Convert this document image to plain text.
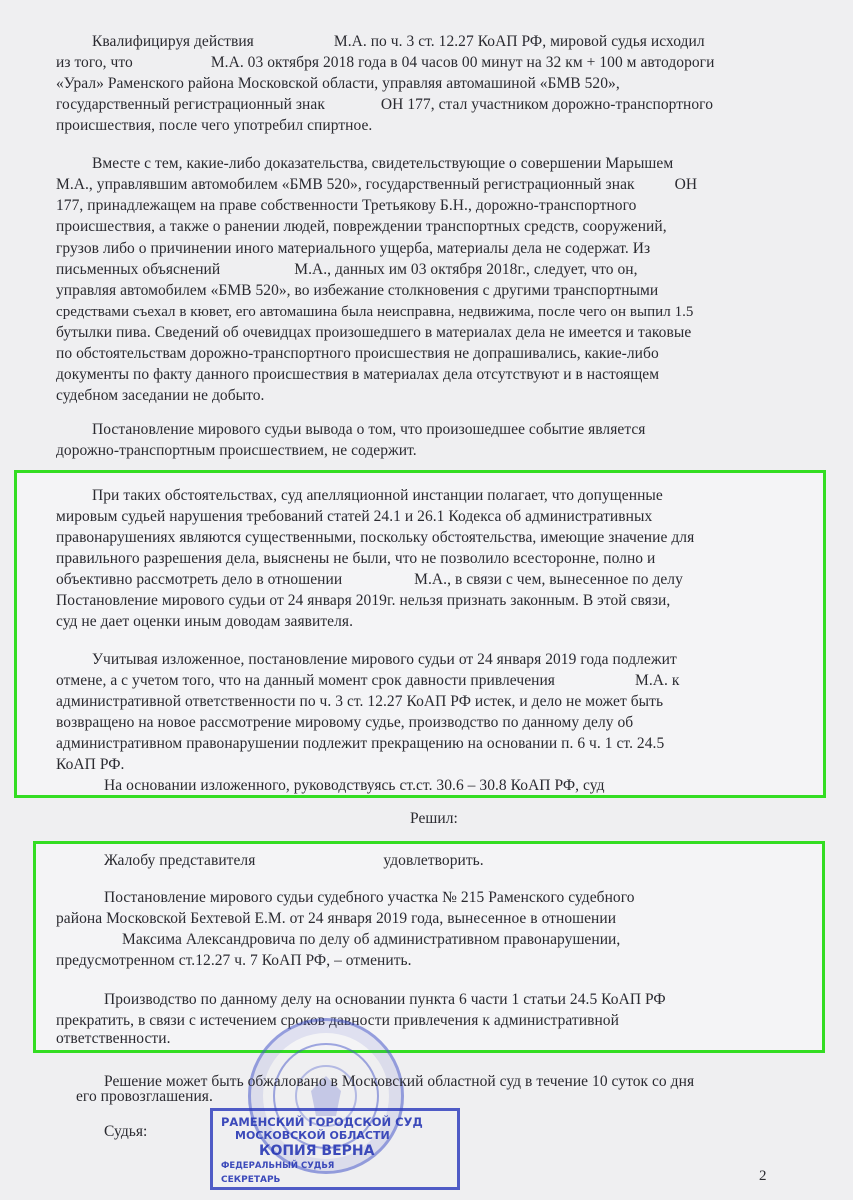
Квалифицируя действия	М.А. по ч. 3 ст. 12.27 КоАП РФ, мировой судья исходил
из того, что	М.А. 03 октября 2018 года в 04 часов 00 минут на 32 км + 100 м автодороги
«Урал» Раменского района Московской области, управляя автомашиной «БМВ 520»,
государственный регистрационный знак	ОН 177, стал участником дорожно-транспортного
происшествия, после чего употребил спиртное.
Вместе с тем, какие-либо доказательства, свидетельствующие о совершении Марышем
М.А., управлявшим автомобилем «БМВ 520», государственный регистрационный знак	ОН
177, принадлежащем на праве собственности Третьякову Б.Н., дорожно-транспортного
происшествия, а также о ранении людей, повреждении транспортных средств, сооружений,
грузов либо о причинении иного материального ущерба, материалы дела не содержат. Из
письменных объяснений	М.А., данных им 03 октября 2018г., следует, что он,
управляя автомобилем «БМВ 520», во избежание столкновения с другими транспортными
средствами съехал в кювет, его автомашина была неисправна, недвижима, после чего он выпил 1.5
бутылки пива. Сведений об очевидцах произошедшего в материалах дела не имеется и таковые
по обстоятельствам дорожно-транспортного происшествия не допрашивались, какие-либо
документы по факту данного происшествия в материалах дела отсутствуют и в настоящем
судебном заседании не добыто.
Постановление мирового судьи вывода о том, что произошедшее событие является
дорожно-транспортным происшествием, не содержит.
При таких обстоятельствах, суд апелляционной инстанции полагает, что допущенные
мировым судьей нарушения требований статей 24.1 и 26.1 Кодекса об административных
правонарушениях являются существенными, поскольку обстоятельства, имеющие значение для
правильного разрешения дела, выяснены не были, что не позволило всесторонне, полно и
объективно рассмотреть дело в отношении	М.А., в связи с чем, вынесенное по делу
Постановление мирового судьи от 24 января 2019г. нельзя признать законным. В этой связи,
суд не дает оценки иным доводам заявителя.
Учитывая изложенное, постановление мирового судьи от 24 января 2019 года подлежит
отмене, а с учетом того, что на данный момент срок давности привлечения	М.А. к
административной ответственности по ч. 3 ст. 12.27 КоАП РФ истек, и дело не может быть
возвращено на новое рассмотрение мировому судье, производство по данному делу об
административном правонарушении подлежит прекращению на основании п. 6 ч. 1 ст. 24.5
КоАП РФ.
На основании изложенного, руководствуясь ст.ст. 30.6 – 30.8 КоАП РФ, суд
Решил:
Жалобу представителя	удовлетворить.
Постановление мирового судьи судебного участка № 215 Раменского судебного
района Московской Бехтевой Е.М. от 24 января 2019 года, вынесенное в отношении
Максима Александровича по делу об административном правонарушении,
предусмотренном ст.12.27 ч. 7 КоАП РФ, – отменить.
Производство по данному делу на основании пункта 6 части 1 статьи 24.5 КоАП РФ
прекратить, в связи с истечением сроков давности привлечения к административной
ответственности.
Решение может быть обжаловано в Московский областной суд в течение 10 суток со дня
его провозглашения.
Судья:
РАМЕНСКИЙ ГОРОДСКОЙ СУД
МОСКОВСКОЙ ОБЛАСТИ
КОПИЯ ВЕРНА
ФЕДЕРАЛЬНЫЙ СУДЬЯ
СЕКРЕТАРЬ	2
